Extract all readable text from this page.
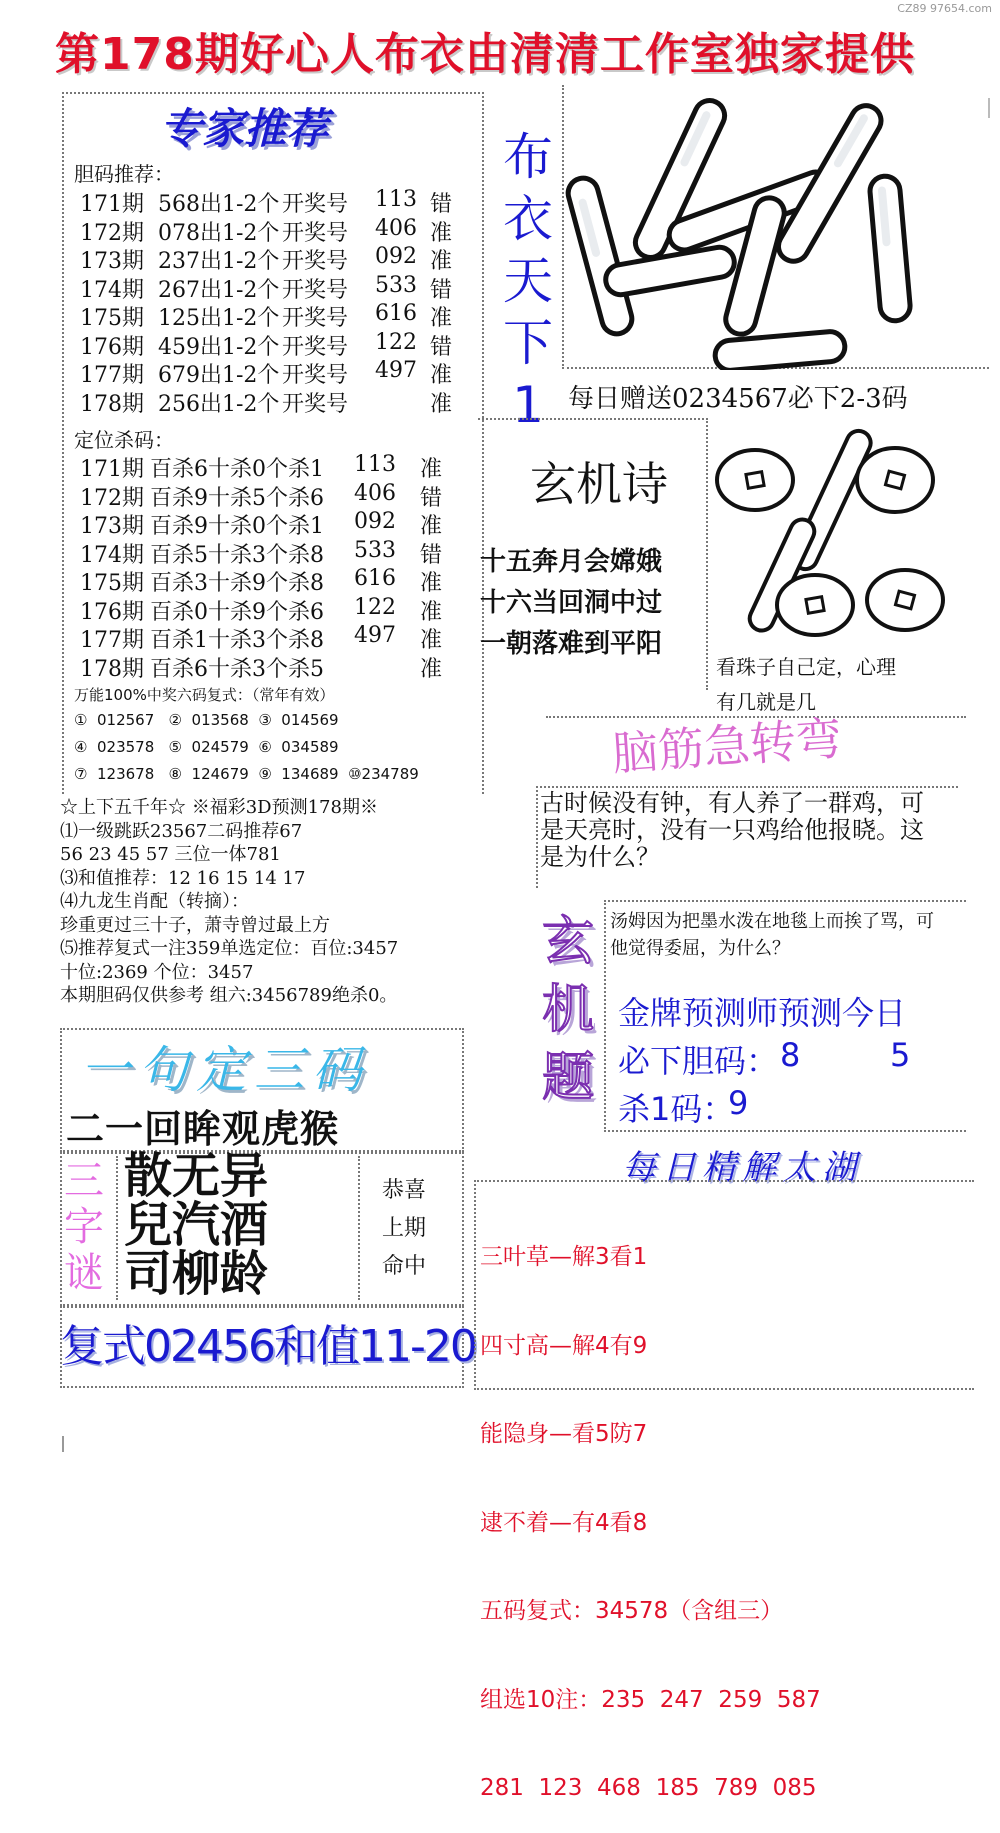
CZ89 97654.com
第178期好心人布衣由清清工作室独家提供
专家推荐
胆码推荐：
171期 568出1-2个 开奖号 113 错
172期 078出1-2个 开奖号 406 准
173期 237出1-2个 开奖号 092 准
174期 267出1-2个 开奖号 533 错
175期 125出1-2个 开奖号 616 准
176期 459出1-2个 开奖号 122 错
177期 679出1-2个 开奖号 497 准
178期 256出1-2个 开奖号	准
定位杀码：
171期 百杀6十杀0个杀1 113 准
172期 百杀9十杀5个杀6 406 错
173期 百杀9十杀0个杀1 092 准
174期 百杀5十杀3个杀8 533 错
175期 百杀3十杀9个杀8 616 准
176期 百杀0十杀9个杀6 122 准
177期 百杀1十杀3个杀8 497 准
178期 百杀6十杀3个杀5	准
万能100%中奖六码复式：（常年有效）
①  012567   ②  013568  ③  014569
④  023578   ⑤  024579  ⑥  034589
⑦  123678   ⑧  124679  ⑨  134689  ⑩234789
☆上下五千年☆ ※福彩3D预测178期※
⑴一级跳跃23567二码推荐67
56 23 45 57 三位一体781
⑶和值推荐：12 16 15 14 17
⑷九龙生肖配（转摘）：
珍重更过三十子，萧寺曾过最上方
⑸推荐复式一注359单选定位：百位:3457
十位:2369 个位：3457
本期胆码仅供参考 组六:3456789绝杀0。
一句定三码
二一回眸观虎猴
三
字
谜
散无异
兒汽酒
司柳龄
恭喜
上期
命中
复式02456和值11-20
布
衣
天
下
1 每日赠送0234567必下2-3码
玄机诗
十五奔月会嫦娥
十六当回洞中过
一朝落难到平阳
看珠子自己定，心理
有几就是几
脑筋急转弯
古时候没有钟，有人养了一群鸡，可是天亮时，没有一只鸡给他报晓。这是为什么？
玄
机
题
汤姆因为把墨水泼在地毯上而挨了骂，可他觉得委屈，为什么？
金牌预测师预测今日
必下胆码： 8	5
杀1码：
9
每日精解太湖

三叶草—解3看1

四寸高—解4有9

能隐身—看5防7

逮不着—有4看8

五码复式：34578（含组三）

组选10注：235  247  259  587

281  123  468  185  789  085
